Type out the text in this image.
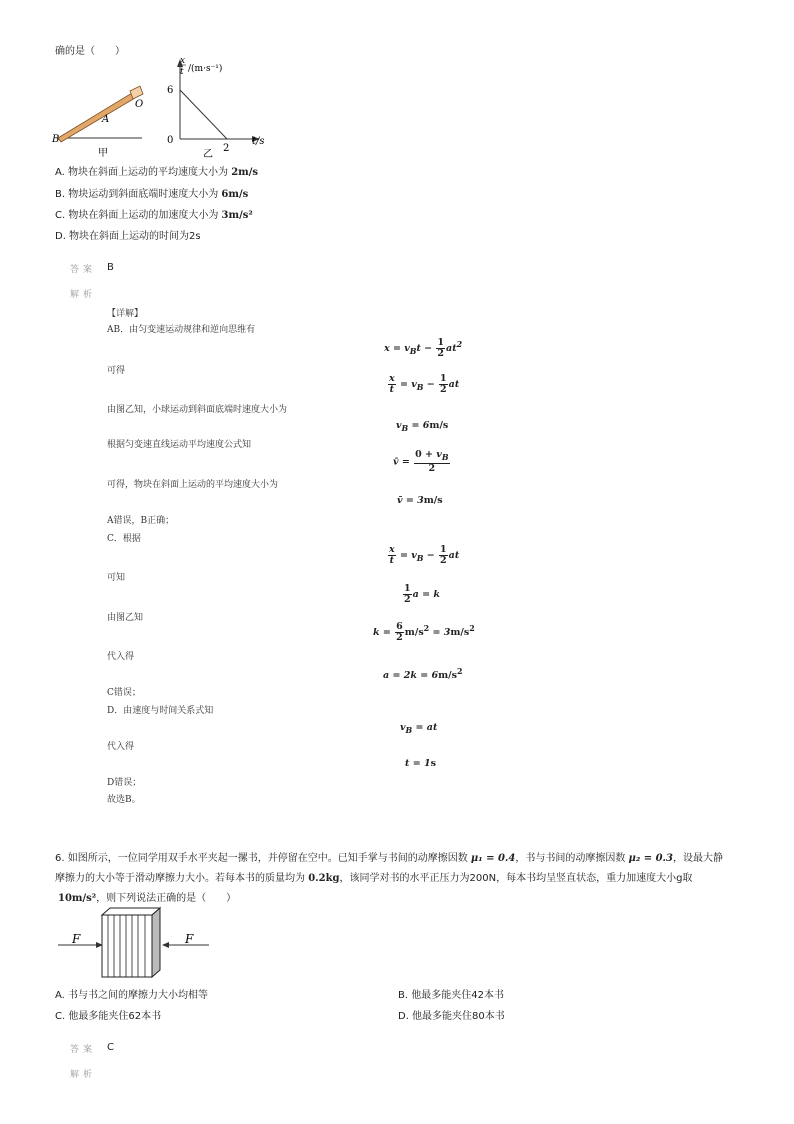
确的是（　　）
O
A
B
甲
x
t /(m·s⁻¹)
6
0
2
t/s
乙
A. 物块在斜面上运动的平均速度大小为 2m/s
B. 物块运动到斜面底端时速度大小为 6m/s
C. 物块在斜面上运动的加速度大小为 3m/s²
D. 物块在斜面上运动的时间为2s
答案 B
解析
【详解】
AB．由匀变速运动规律和逆向思维有
可得
由图乙知，小球运动到斜面底端时速度大小为
根据匀变速直线运动平均速度公式知
可得，物块在斜面上运动的平均速度大小为
A错误，B正确；
C．根据
可知
由图乙知
代入得
C错误；
D．由速度与时间关系式知
代入得
D错误；
故选B。
$x = v_Bt - \frac{1}{2} at^2$
$\frac{x}{t} = v_B - \frac{1}{2}$ at
$v_B = 6m/s$
v̄ = $\frac{0 + v_B}{2}$
v̄ = 3m/s
$\frac{x}{t} = v_B - \frac{1}{2}$ at
$\frac{1}{2}$ a = k
$k = \frac{6}{2} m/s^2 = 3m/s^2$
$a = 2k = 6m/s^2$
$v_B$ = at
t = 1s
6. 如图所示，一位同学用双手水平夹起一摞书，并停留在空中。已知手掌与书间的动摩擦因数 μ₁ = 0.4，书与书间的动摩擦因数 μ₂ = 0.3，设最大静
摩擦力的大小等于滑动摩擦力大小。若每本书的质量均为 0.2kg，该同学对书的水平正压力为200N，每本书均呈竖直状态，重力加速度大小g取
10m/s²，则下列说法正确的是（　　）
F	F
A. 书与书之间的摩擦力大小均相等	B. 他最多能夹住42本书
C. 他最多能夹住62本书	D. 他最多能夹住80本书
答案 C
解析
